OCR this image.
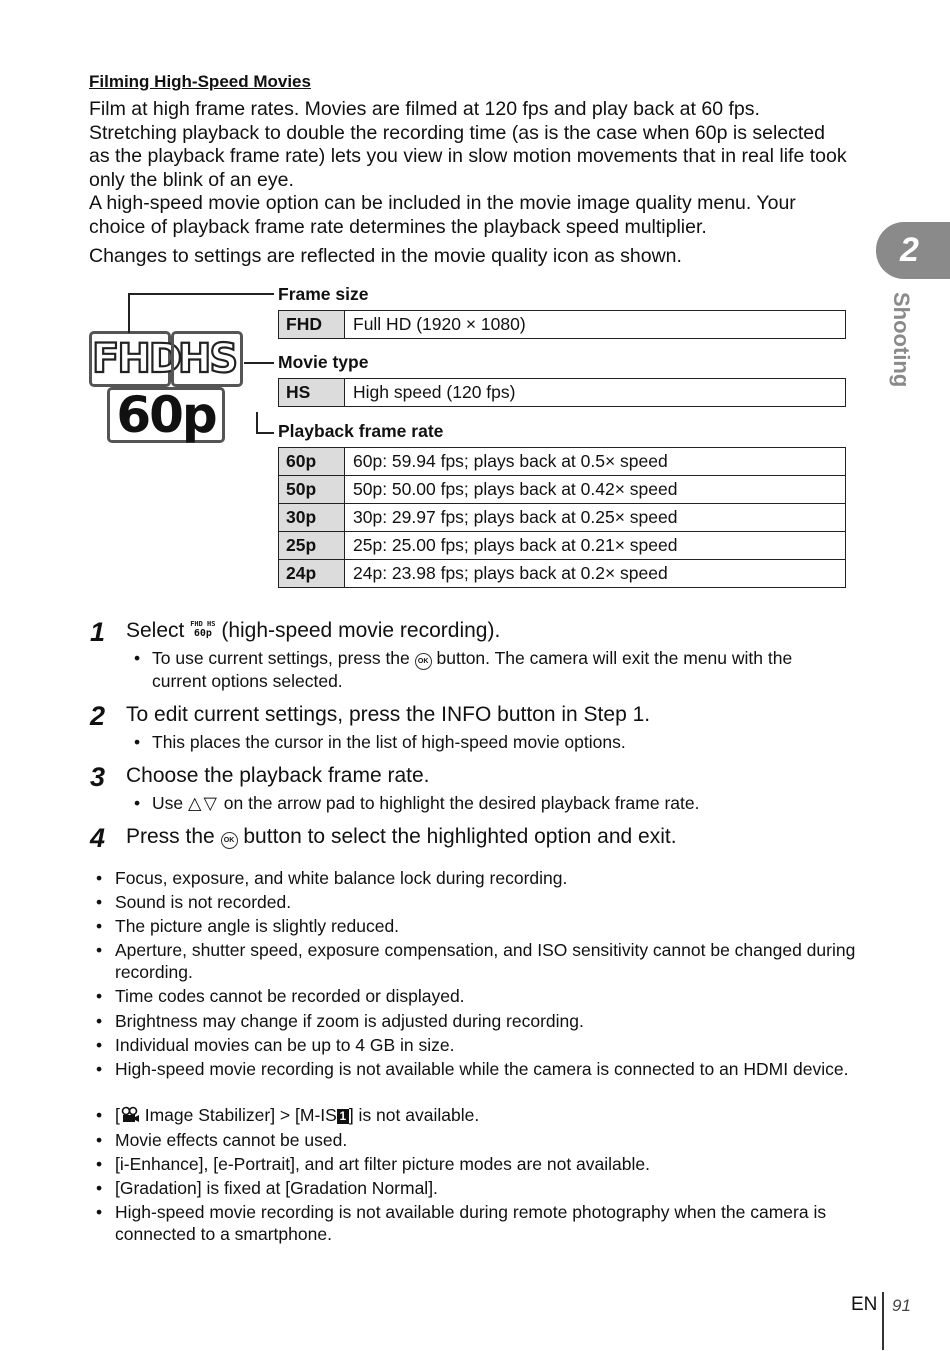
Filming High-Speed Movies

Film at high frame rates. Movies are filmed at 120 fps and play back at 60 fps. Stretching playback to double the recording time (as is the case when 60p is selected as the playback frame rate) lets you view in slow motion movements that in real life took only the blink of an eye.

A high-speed movie option can be included in the movie image quality menu. Your choice of playback frame rate determines the playback speed multiplier.

Changes to settings are reflected in the movie quality icon as shown.

FHD
HS
60p
Frame size
FHD	Full HD (1920 × 1080)
Movie type
HS	High speed (120 fps)
Playback frame rate
60p	60p: 59.94 fps; plays back at 0.5× speed
50p	50p: 50.00 fps; plays back at 0.42× speed
30p	30p: 29.97 fps; plays back at 0.25× speed
25p	25p: 25.00 fps; plays back at 0.21× speed
24p	24p: 23.98 fps; plays back at 0.2× speed
1 Select FHD HS
60p (high-speed movie recording).
• To use current settings, press the OK button. The camera will exit the menu with the current options selected.
2 To edit current settings, press the INFO button in Step 1.
• This places the cursor in the list of high-speed movie options.
3 Choose the playback frame rate.
• Use △▽ on the arrow pad to highlight the desired playback frame rate.
4 Press the OK button to select the highlighted option and exit.
• Focus, exposure, and white balance lock during recording.
• Sound is not recorded.
• The picture angle is slightly reduced.
• Aperture, shutter speed, exposure compensation, and ISO sensitivity cannot be changed during recording.
• Time codes cannot be recorded or displayed.
• Brightness may change if zoom is adjusted during recording.
• Individual movies can be up to 4 GB in size.
• High-speed movie recording is not available while the camera is connected to an HDMI device.
• [ Image Stabilizer] > [M-IS 1 ] is not available.
• Movie effects cannot be used.
• [i-Enhance], [e-Portrait], and art filter picture modes are not available.
• [Gradation] is fixed at [Gradation Normal].
• High-speed movie recording is not available during remote photography when the camera is connected to a smartphone.
2
Shooting
EN 91
